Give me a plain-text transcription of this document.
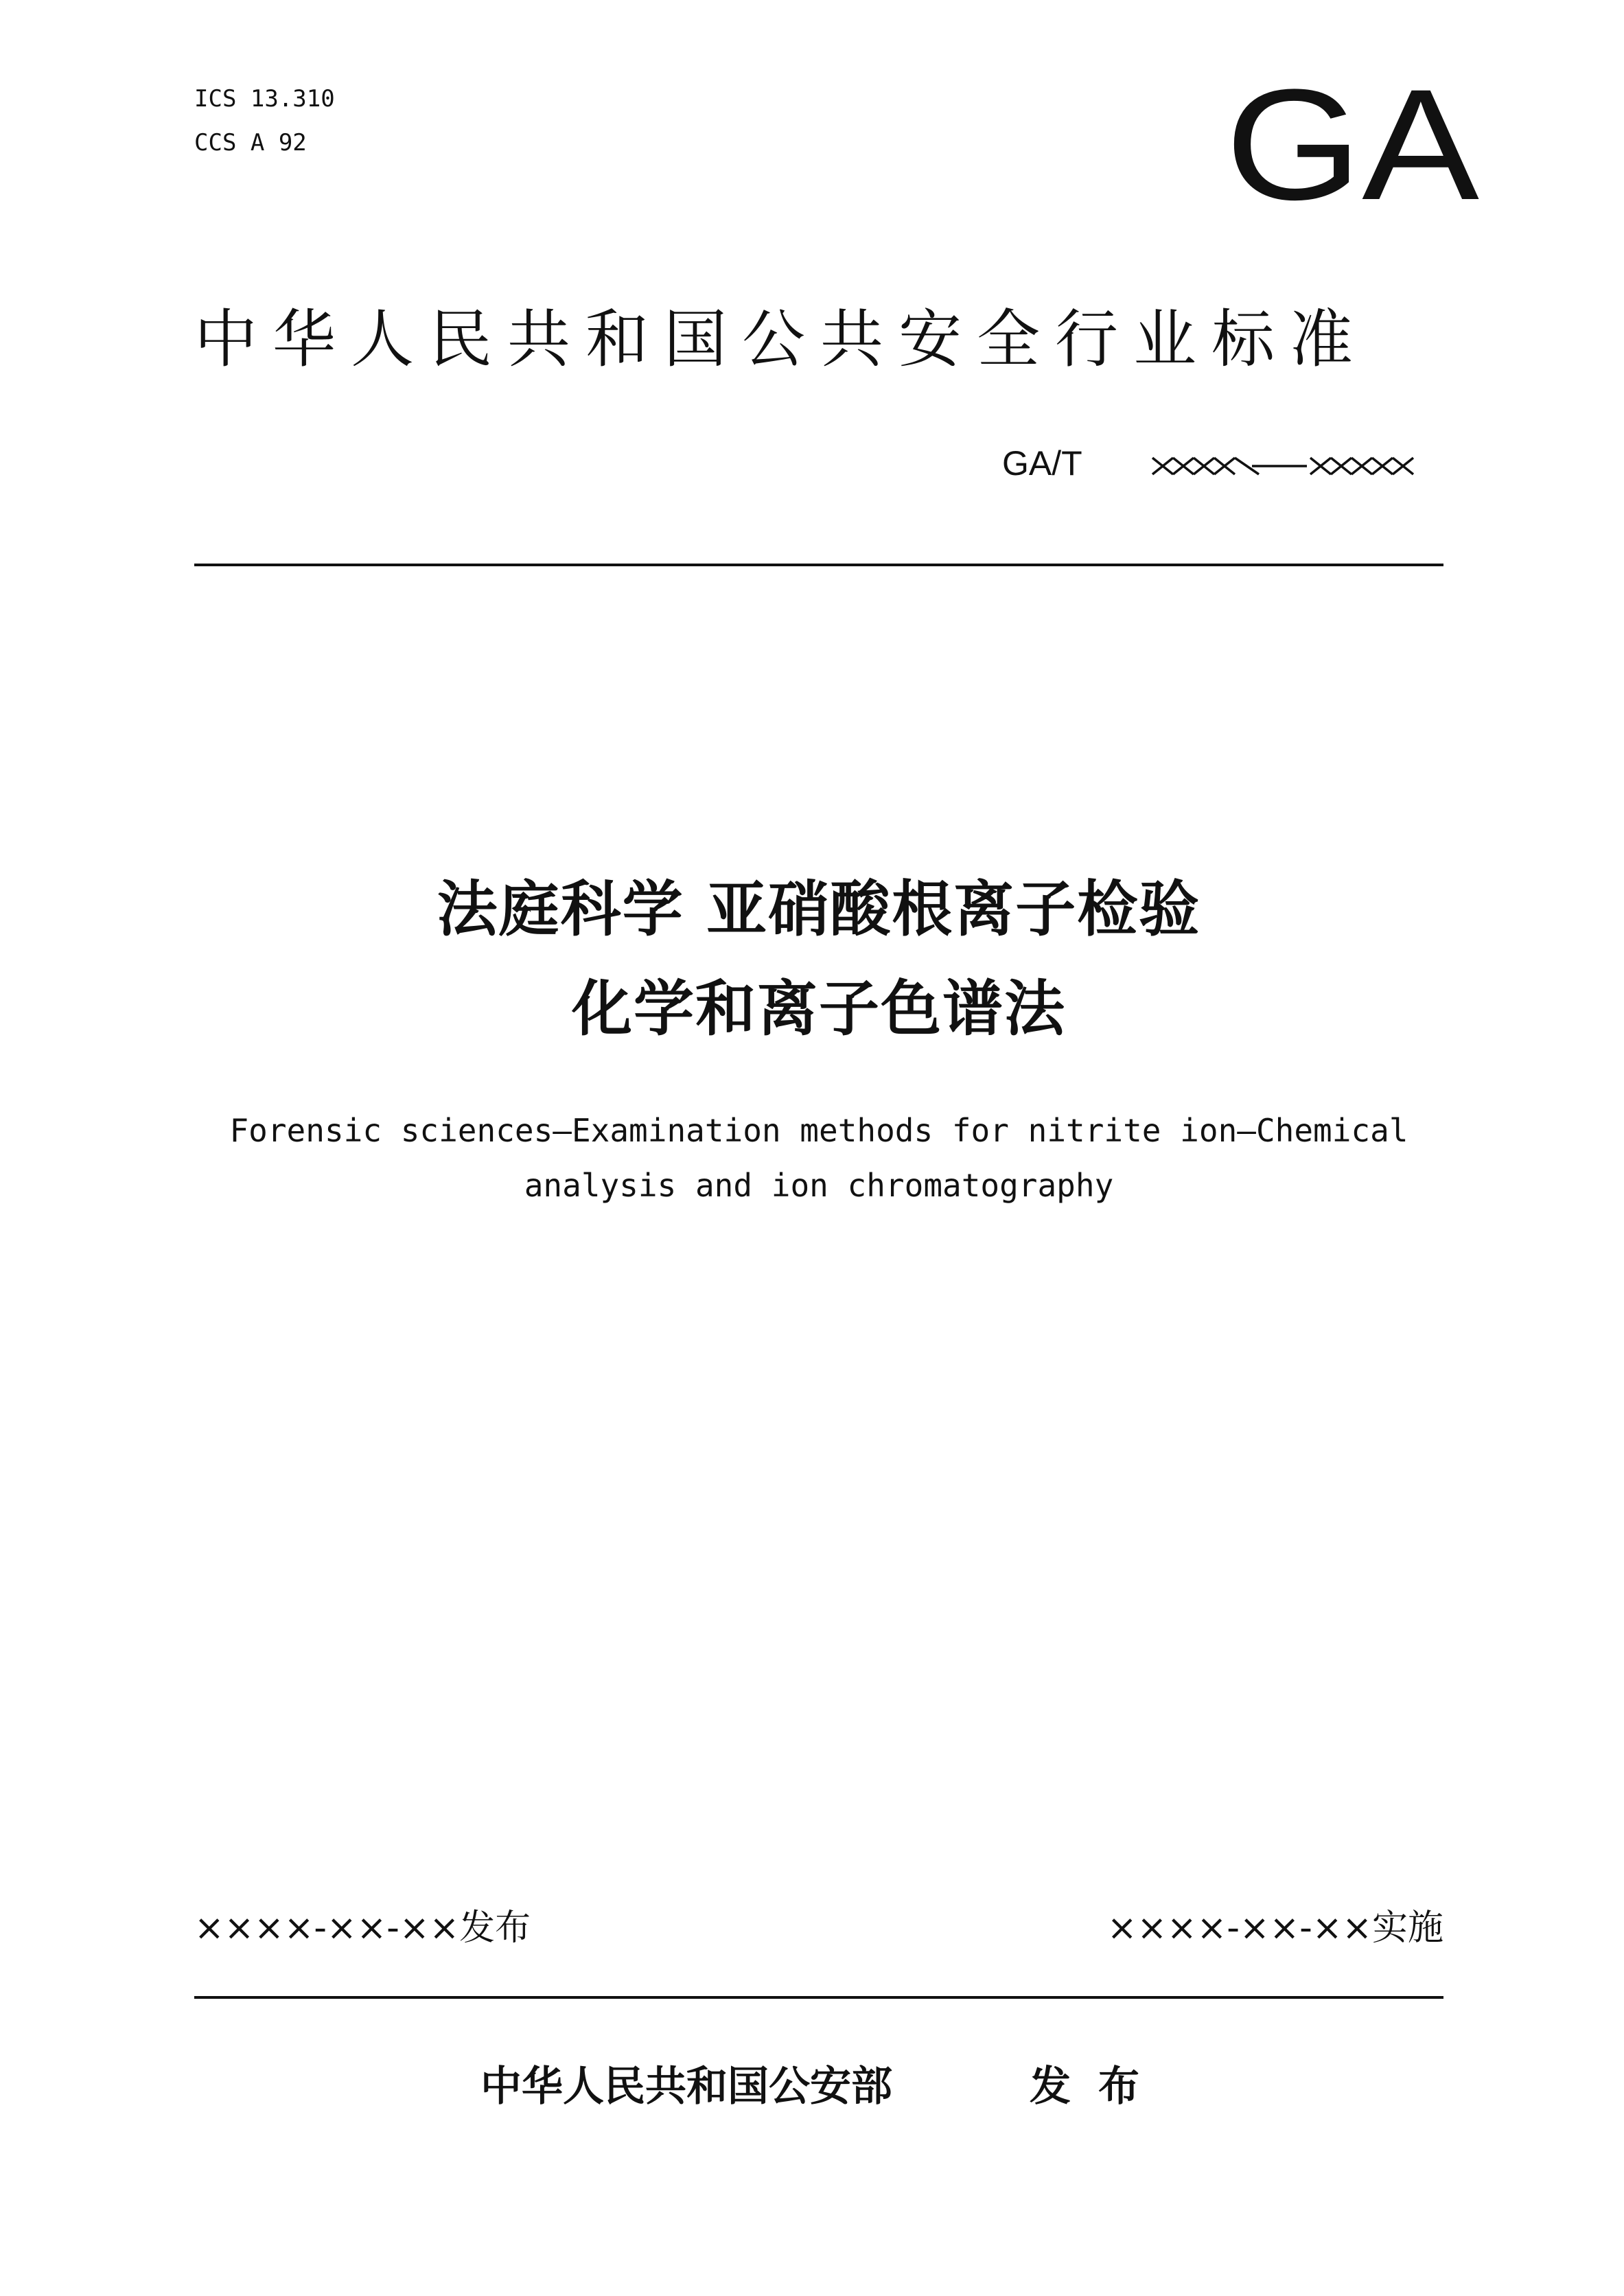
ICS 13.310
CCS A 92	GA
中华人民共和国公共安全行业标准
GA/T
法庭科学 亚硝酸根离子检验
化学和离子色谱法
Forensic sciences—Examination methods for nitrite ion—Chemical
analysis and ion chromatography
××××-××-××发布	××××-××-××实施
中华人民共和国公安部	发布
